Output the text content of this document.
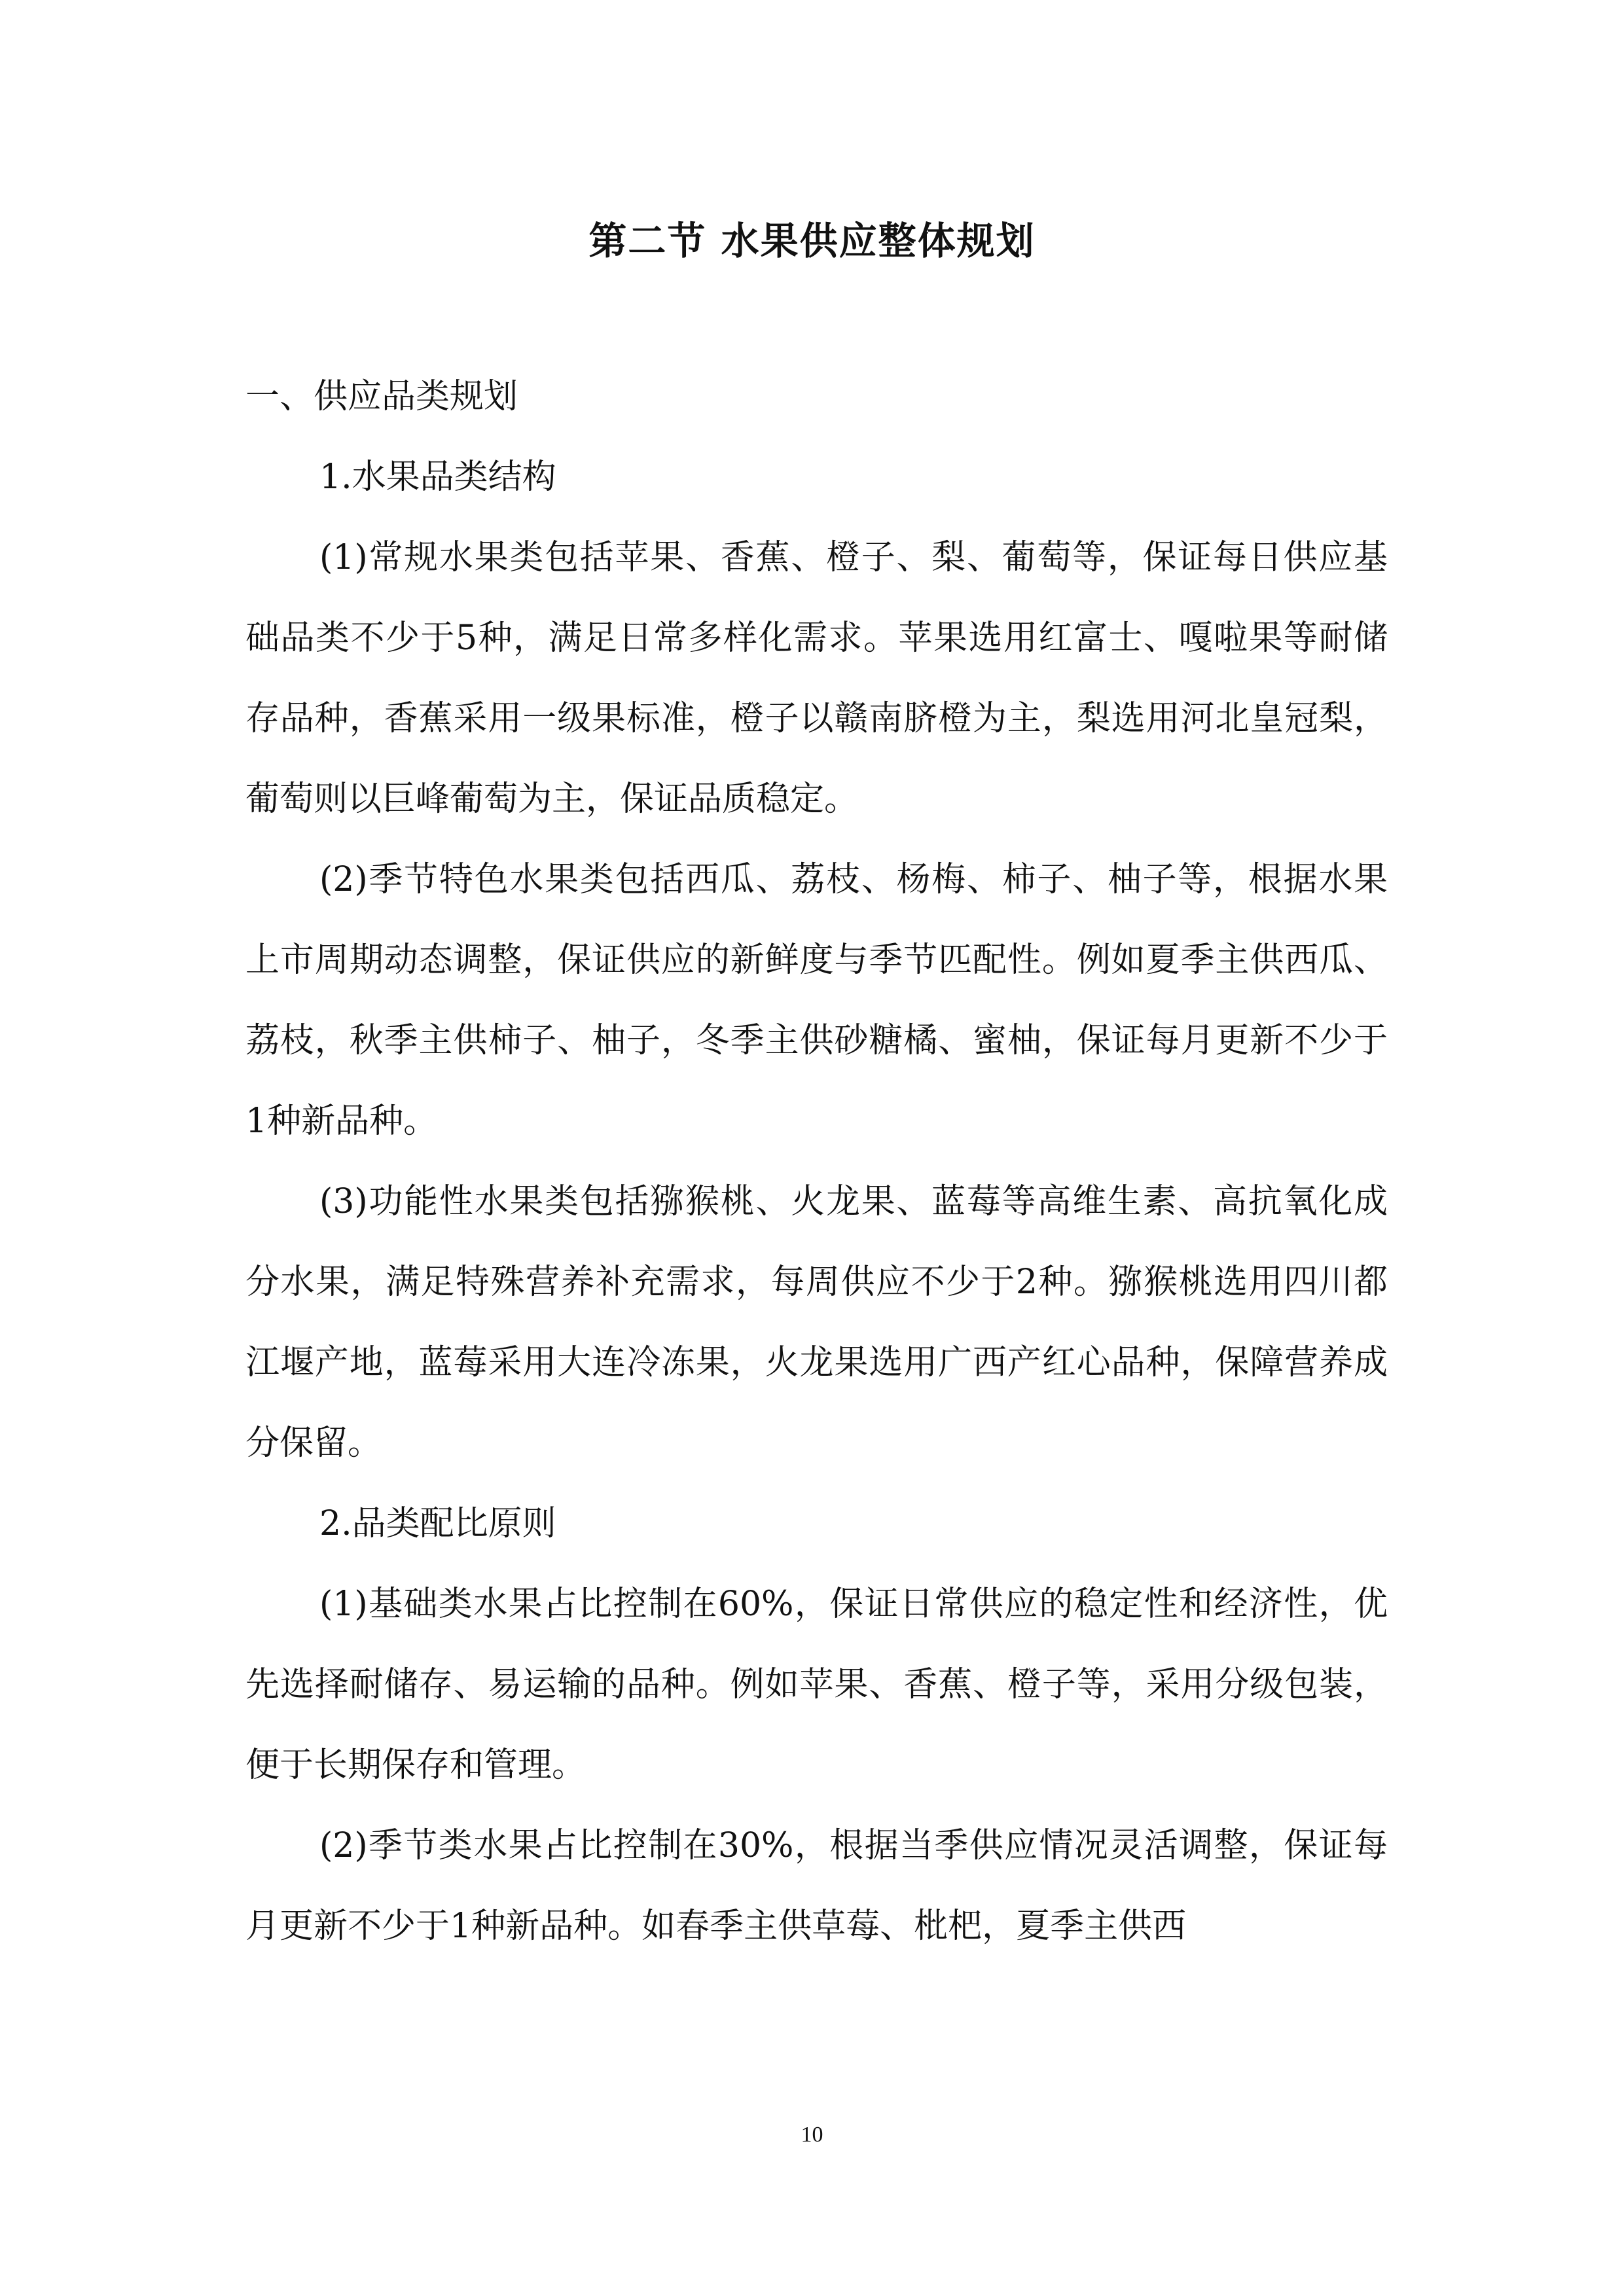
第二节 水果供应整体规划

一、供应品类规划

1.水果品类结构

(1)常规水果类包括苹果、香蕉、橙子、梨、葡萄等，保证每日供应基础品类不少于5种，满足日常多样化需求。苹果选用红富士、嘎啦果等耐储存品种，香蕉采用一级果标准，橙子以赣南脐橙为主，梨选用河北皇冠梨，葡萄则以巨峰葡萄为主，保证品质稳定。

(2)季节特色水果类包括西瓜、荔枝、杨梅、柿子、柚子等，根据水果上市周期动态调整，保证供应的新鲜度与季节匹配性。例如夏季主供西瓜、荔枝，秋季主供柿子、柚子，冬季主供砂糖橘、蜜柚，保证每月更新不少于1种新品种。

(3)功能性水果类包括猕猴桃、火龙果、蓝莓等高维生素、高抗氧化成分水果，满足特殊营养补充需求，每周供应不少于2种。猕猴桃选用四川都江堰产地，蓝莓采用大连冷冻果，火龙果选用广西产红心品种，保障营养成分保留。

2.品类配比原则

(1)基础类水果占比控制在60%，保证日常供应的稳定性和经济性，优先选择耐储存、易运输的品种。例如苹果、香蕉、橙子等，采用分级包装，便于长期保存和管理。

(2)季节类水果占比控制在30%，根据当季供应情况灵活调整，保证每月更新不少于1种新品种。如春季主供草莓、枇杷，夏季主供西

10
